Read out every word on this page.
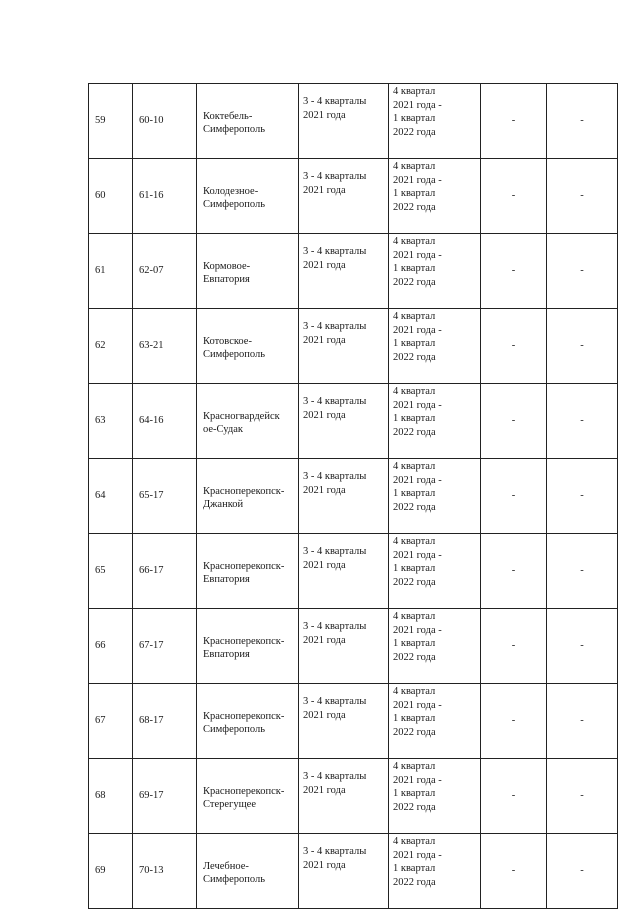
59	60-10	Коктебель-
Симферополь	3 - 4 кварталы
2021 года	4 квартал
2021 года -
1 квартал
2022 года	-	-

60	61-16	Колодезное-
Симферополь	3 - 4 кварталы
2021 года	4 квартал
2021 года -
1 квартал
2022 года	-	-

61	62-07	Кормовое-
Евпатория	3 - 4 кварталы
2021 года	4 квартал
2021 года -
1 квартал
2022 года	-	-

62	63-21	Котовское-
Симферополь	3 - 4 кварталы
2021 года	4 квартал
2021 года -
1 квартал
2022 года	-	-

63	64-16	Красногвардейск
ое-Судак	3 - 4 кварталы
2021 года	4 квартал
2021 года -
1 квартал
2022 года	-	-

64	65-17	Красноперекопск-
Джанкой	3 - 4 кварталы
2021 года	4 квартал
2021 года -
1 квартал
2022 года	-	-

65	66-17	Красноперекопск-
Евпатория	3 - 4 кварталы
2021 года	4 квартал
2021 года -
1 квартал
2022 года	-	-

66	67-17	Красноперекопск-
Евпатория	3 - 4 кварталы
2021 года	4 квартал
2021 года -
1 квартал
2022 года	-	-

67	68-17	Красноперекопск-
Симферополь	3 - 4 кварталы
2021 года	4 квартал
2021 года -
1 квартал
2022 года	-	-

68	69-17	Красноперекопск-
Стерегущее	3 - 4 кварталы
2021 года	4 квартал
2021 года -
1 квартал
2022 года	-	-

69	70-13	Лечебное-
Симферополь	3 - 4 кварталы
2021 года	4 квартал
2021 года -
1 квартал
2022 года	-	-
